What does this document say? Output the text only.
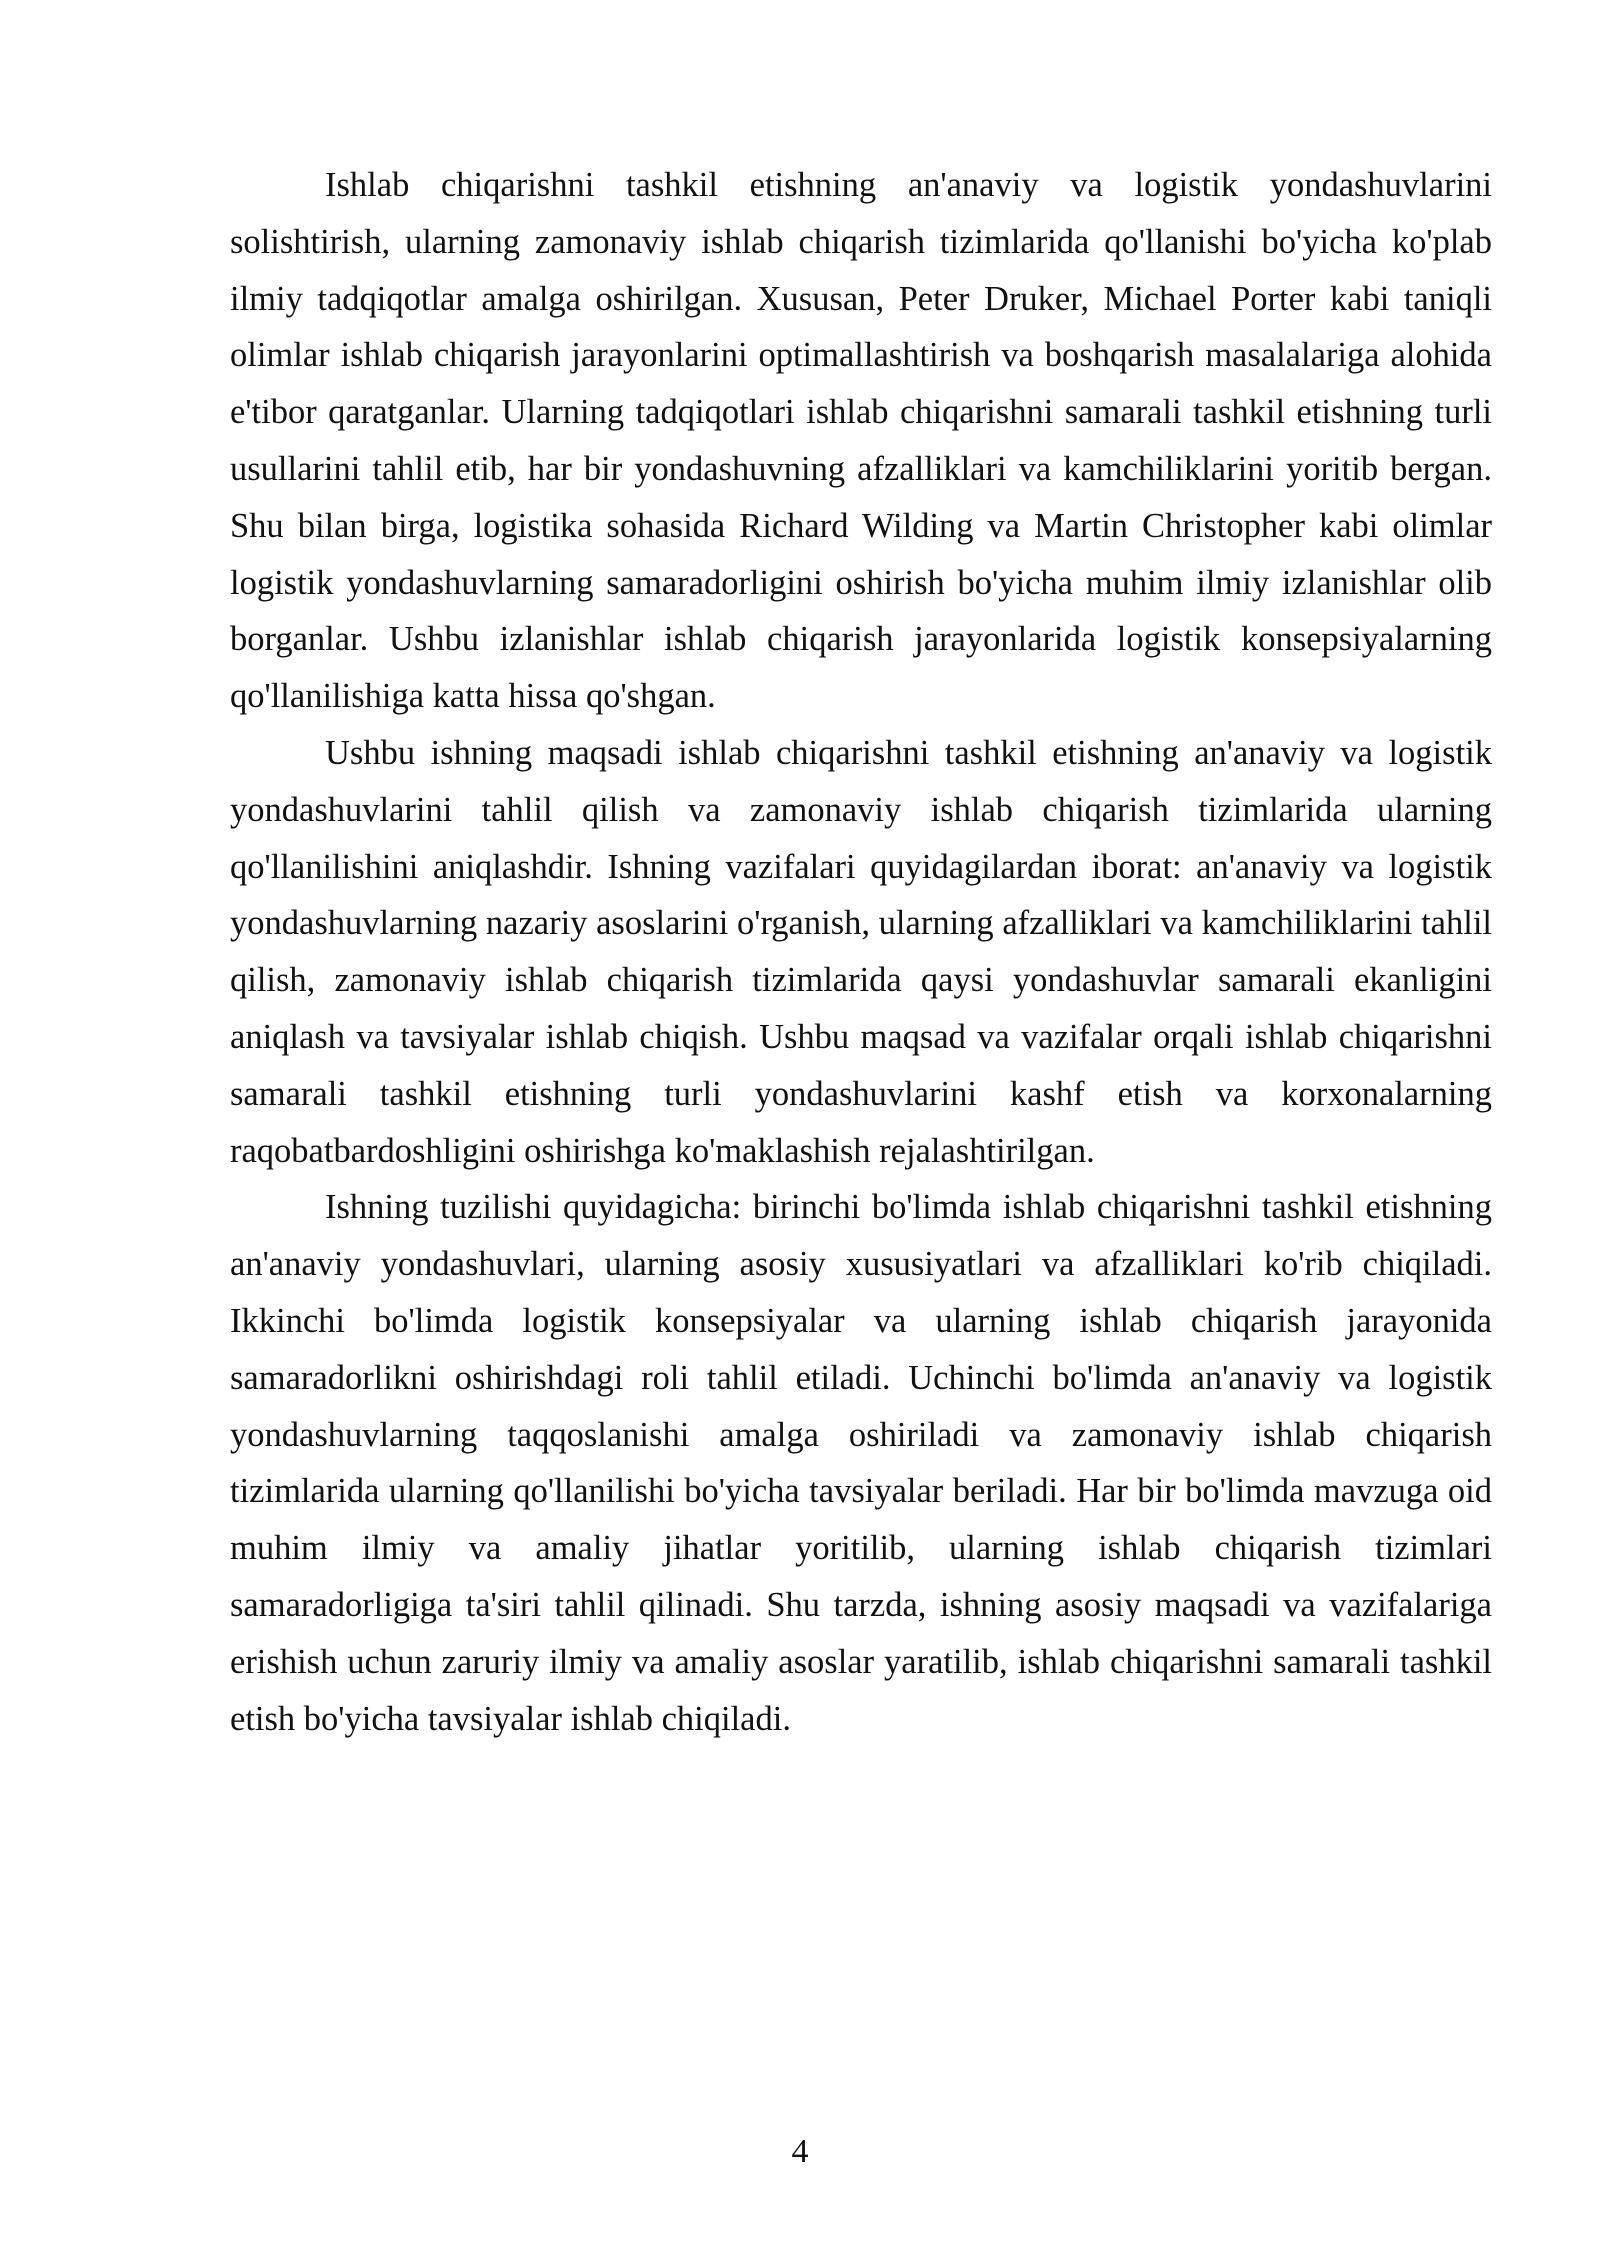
Ishlab chiqarishni tashkil etishning an'anaviy va logistik yondashuvlarini solishtirish, ularning zamonaviy ishlab chiqarish tizimlarida qo'llanishi bo'yicha ko'plab ilmiy tadqiqotlar amalga oshirilgan. Xususan, Peter Druker, Michael Porter kabi taniqli olimlar ishlab chiqarish jarayonlarini optimallashtirish va boshqarish masalalariga alohida e'tibor qaratganlar. Ularning tadqiqotlari ishlab chiqarishni samarali tashkil etishning turli usullarini tahlil etib, har bir yondashuvning afzalliklari va kamchiliklarini yoritib bergan. Shu bilan birga, logistika sohasida Richard Wilding va Martin Christopher kabi olimlar logistik yondashuvlarning samaradorligini oshirish bo'yicha muhim ilmiy izlanishlar olib borganlar. Ushbu izlanishlar ishlab chiqarish jarayonlarida logistik konsepsiyalarning qo'llanilishiga katta hissa qo'shgan.

Ushbu ishning maqsadi ishlab chiqarishni tashkil etishning an'anaviy va logistik yondashuvlarini tahlil qilish va zamonaviy ishlab chiqarish tizimlarida ularning qo'llanilishini aniqlashdir. Ishning vazifalari quyidagilardan iborat: an'anaviy va logistik yondashuvlarning nazariy asoslarini o'rganish, ularning afzalliklari va kamchiliklarini tahlil qilish, zamonaviy ishlab chiqarish tizimlarida qaysi yondashuvlar samarali ekanligini aniqlash va tavsiyalar ishlab chiqish. Ushbu maqsad va vazifalar orqali ishlab chiqarishni samarali tashkil etishning turli yondashuvlarini kashf etish va korxonalarning raqobatbardoshligini oshirishga ko'maklashish rejalashtirilgan.

Ishning tuzilishi quyidagicha: birinchi bo'limda ishlab chiqarishni tashkil etishning an'anaviy yondashuvlari, ularning asosiy xususiyatlari va afzalliklari ko'rib chiqiladi. Ikkinchi bo'limda logistik konsepsiyalar va ularning ishlab chiqarish jarayonida samaradorlikni oshirishdagi roli tahlil etiladi. Uchinchi bo'limda an'anaviy va logistik yondashuvlarning taqqoslanishi amalga oshiriladi va zamonaviy ishlab chiqarish tizimlarida ularning qo'llanilishi bo'yicha tavsiyalar beriladi. Har bir bo'limda mavzuga oid muhim ilmiy va amaliy jihatlar yoritilib, ularning ishlab chiqarish tizimlari samaradorligiga ta'siri tahlil qilinadi. Shu tarzda, ishning asosiy maqsadi va vazifalariga erishish uchun zaruriy ilmiy va amaliy asoslar yaratilib, ishlab chiqarishni samarali tashkil etish bo'yicha tavsiyalar ishlab chiqiladi.

4
